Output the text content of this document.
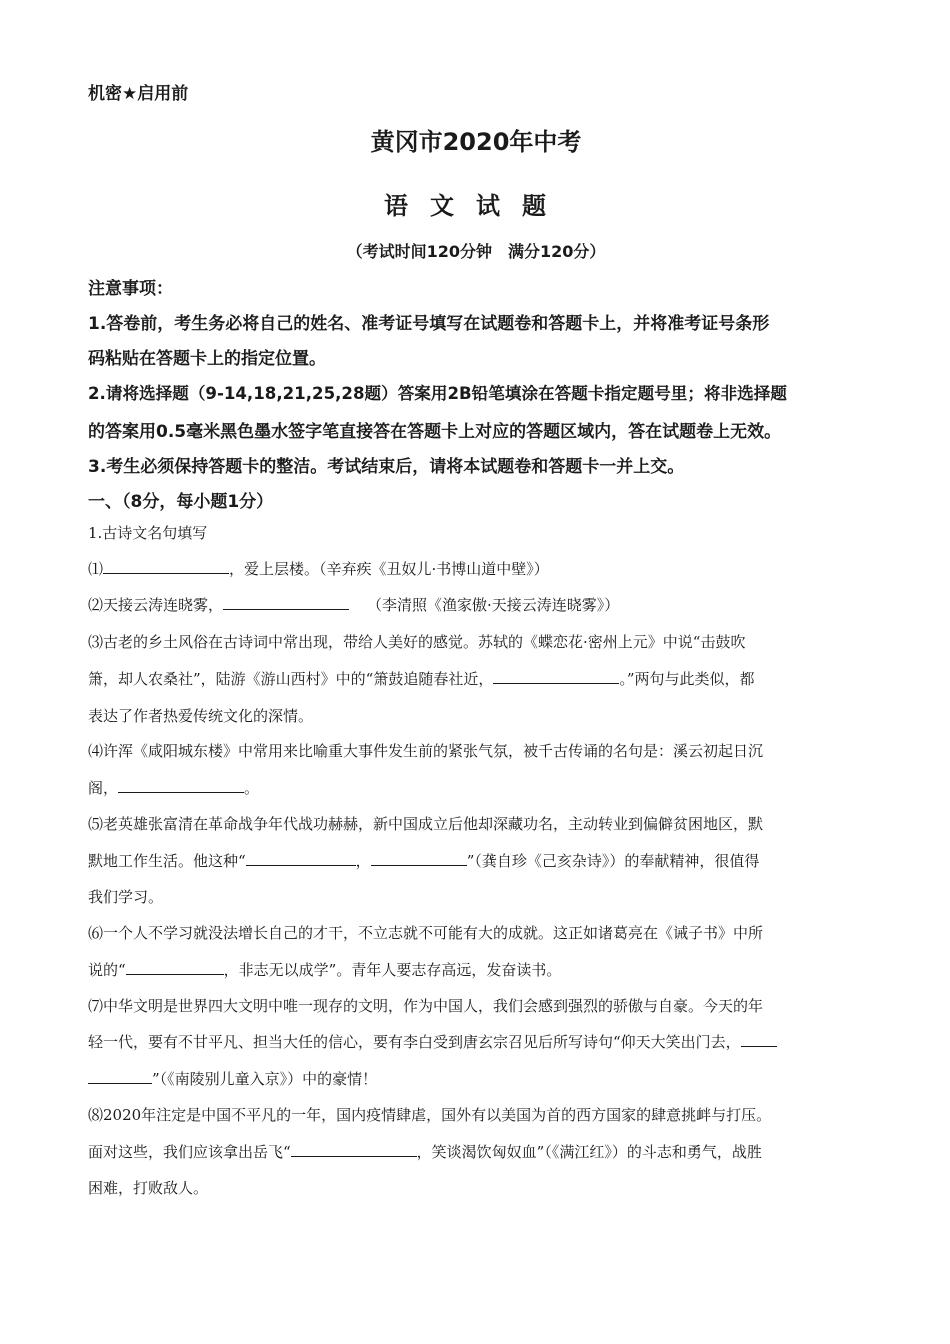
机密★启用前
黄冈市2020年中考
语文试题
（考试时间120分钟　满分120分）
注意事项：
1.答卷前，考生务必将自己的姓名、准考证号填写在试题卷和答题卡上，并将准考证号条形
码粘贴在答题卡上的指定位置。
2.请将选择题（9-14,18,21,25,28题）答案用2B铅笔填涂在答题卡指定题号里；将非选择题
的答案用0.5毫米黑色墨水签字笔直接答在答题卡上对应的答题区域内，答在试题卷上无效。
3.考生必须保持答题卡的整洁。考试结束后，请将本试题卷和答题卡一并上交。
一、（8分，每小题1分）
1.古诗文名句填写
⑴	，爱上层楼。（辛弃疾《丑奴儿·书博山道中壁》）
⑵天接云涛连晓雾，	（李清照《渔家傲·天接云涛连晓雾》）
⑶古老的乡土风俗在古诗词中常出现，带给人美好的感觉。苏轼的《蝶恋花·密州上元》中说“击鼓吹
箫，却人农桑社”，陆游《游山西村》中的“箫鼓追随春社近，	。”两句与此类似，都
表达了作者热爱传统文化的深情。
⑷许浑《咸阳城东楼》中常用来比喻重大事件发生前的紧张气氛，被千古传诵的名句是：溪云初起日沉
阁，	。
⑸老英雄张富清在革命战争年代战功赫赫，新中国成立后他却深藏功名，主动转业到偏僻贫困地区，默
默地工作生活。他这种“	，	”（龚自珍《己亥杂诗》）的奉献精神，很值得
我们学习。
⑹一个人不学习就没法增长自己的才干，不立志就不可能有大的成就。这正如诸葛亮在《诫子书》中所
说的“	，非志无以成学”。青年人要志存高远，发奋读书。
⑺中华文明是世界四大文明中唯一现存的文明，作为中国人，我们会感到强烈的骄傲与自豪。今天的年
轻一代，要有不甘平凡、担当大任的信心，要有李白受到唐玄宗召见后所写诗句“仰天大笑出门去，
”（《南陵别儿童入京》）中的豪情！
⑻2020年注定是中国不平凡的一年，国内疫情肆虐，国外有以美国为首的西方国家的肆意挑衅与打压。
面对这些，我们应该拿出岳飞“	，笑谈渴饮匈奴血”（《满江红》）的斗志和勇气，战胜
困难，打败敌人。
